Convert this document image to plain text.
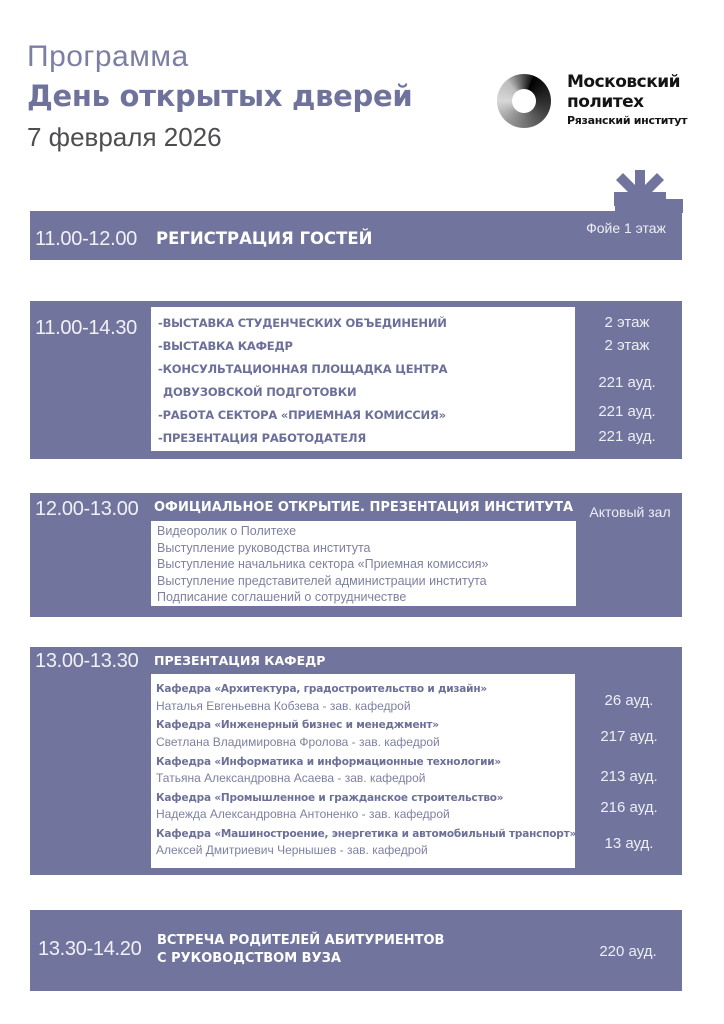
Программа
День открытых дверей
7 февраля 2026
Московский
политех
Рязанский институт
11.00-12.00 РЕГИСТРАЦИЯ ГОСТЕЙ
Фойе 1 этаж
11.00-14.30 -ВЫСТАВКА СТУДЕНЧЕСКИХ ОБЪЕДИНЕНИЙ
-ВЫСТАВКА КАФЕДР
-КОНСУЛЬТАЦИОННАЯ ПЛОЩАДКА ЦЕНТРА
ДОВУЗОВСКОЙ ПОДГОТОВКИ
-РАБОТА СЕКТОРА «ПРИЕМНАЯ КОМИССИЯ»
-ПРЕЗЕНТАЦИЯ РАБОТОДАТЕЛЯ
2 этаж
2 этаж
221 ауд.
221 ауд.
221 ауд.
12.00-13.00 ОФИЦИАЛЬНОЕ ОТКРЫТИЕ. ПРЕЗЕНТАЦИЯ ИНСТИТУТА	Актовый зал
Видеоролик о Политехе
Выступление руководства института
Выступление начальника сектора «Приемная комиссия»
Выступление представителей администрации института
Подписание соглашений о сотрудничестве
13.00-13.30 ПРЕЗЕНТАЦИЯ КАФЕДР
Кафедра «Архитектура, градостроительство и дизайн»
Наталья Евгеньевна Кобзева - зав. кафедрой
Кафедра «Инженерный бизнес и менеджмент»
Светлана Владимировна Фролова - зав. кафедрой
Кафедра «Информатика и информационные технологии»
Татьяна Александровна Асаева - зав. кафедрой
Кафедра «Промышленное и гражданское строительство»
Надежда Александровна Антоненко - зав. кафедрой
Кафедра «Машиностроение, энергетика и автомобильный транспорт»
Алексей Дмитриевич Чернышев - зав. кафедрой
26 ауд.
217 ауд.
213 ауд.
216 ауд.
13 ауд.
13.30-14.20 ВСТРЕЧА РОДИТЕЛЕЙ АБИТУРИЕНТОВ
С РУКОВОДСТВОМ ВУЗА	220 ауд.
